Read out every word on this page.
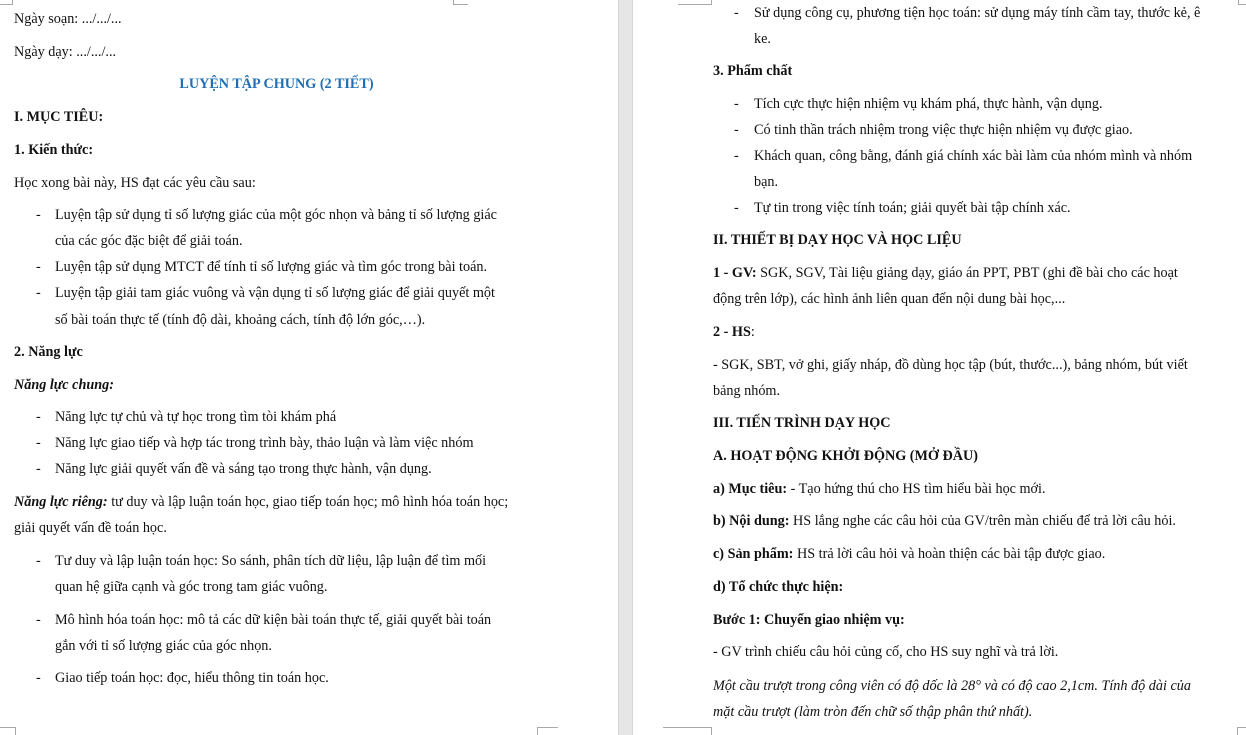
Ngày soạn: .../.../...
Ngày dạy: .../.../...
LUYỆN TẬP CHUNG (2 TIẾT)
I. MỤC TIÊU:
1. Kiến thức:
Học xong bài này, HS đạt các yêu cầu sau:
- Luyện tập sử dụng tỉ số lượng giác của một góc nhọn và bảng tỉ số lượng giác
của các góc đặc biệt để giải toán.
- Luyện tập sử dụng MTCT để tính tỉ số lượng giác và tìm góc trong bài toán.
- Luyện tập giải tam giác vuông và vận dụng tỉ số lượng giác để giải quyết một
số bài toán thực tế (tính độ dài, khoảng cách, tính độ lớn góc,…).
2. Năng lực
Năng lực chung:
- Năng lực tự chủ và tự học trong tìm tòi khám phá
- Năng lực giao tiếp và hợp tác trong trình bày, thảo luận và làm việc nhóm
- Năng lực giải quyết vấn đề và sáng tạo trong thực hành, vận dụng.
Năng lực riêng: tư duy và lập luận toán học, giao tiếp toán học; mô hình hóa toán học;
giải quyết vấn đề toán học.
- Tư duy và lập luận toán học: So sánh, phân tích dữ liệu, lập luận để tìm mối
quan hệ giữa cạnh và góc trong tam giác vuông.
- Mô hình hóa toán học: mô tả các dữ kiện bài toán thực tế, giải quyết bài toán
gắn với tỉ số lượng giác của góc nhọn.
- Giao tiếp toán học: đọc, hiểu thông tin toán học.
- Sử dụng công cụ, phương tiện học toán: sử dụng máy tính cầm tay, thước kẻ, ê
ke.
3. Phẩm chất
- Tích cực thực hiện nhiệm vụ khám phá, thực hành, vận dụng.
- Có tinh thần trách nhiệm trong việc thực hiện nhiệm vụ được giao.
- Khách quan, công bằng, đánh giá chính xác bài làm của nhóm mình và nhóm
bạn.
- Tự tin trong việc tính toán; giải quyết bài tập chính xác.
II. THIẾT BỊ DẠY HỌC VÀ HỌC LIỆU
1 - GV: SGK, SGV, Tài liệu giảng dạy, giáo án PPT, PBT (ghi đề bài cho các hoạt
động trên lớp), các hình ảnh liên quan đến nội dung bài học,...
2 - HS:
- SGK, SBT, vở ghi, giấy nháp, đồ dùng học tập (bút, thước...), bảng nhóm, bút viết
bảng nhóm.
III. TIẾN TRÌNH DẠY HỌC
A. HOẠT ĐỘNG KHỞI ĐỘNG (MỞ ĐẦU)
a) Mục tiêu: - Tạo hứng thú cho HS tìm hiểu bài học mới.
b) Nội dung: HS lắng nghe các câu hỏi của GV/trên màn chiếu để trả lời câu hỏi.
c) Sản phẩm: HS trả lời câu hỏi và hoàn thiện các bài tập được giao.
d) Tổ chức thực hiện:
Bước 1: Chuyển giao nhiệm vụ:
- GV trình chiếu câu hỏi củng cố, cho HS suy nghĩ và trả lời.
Một cầu trượt trong công viên có độ dốc là 28° và có độ cao 2,1cm. Tính độ dài của
mặt cầu trượt (làm tròn đến chữ số thập phân thứ nhất).
